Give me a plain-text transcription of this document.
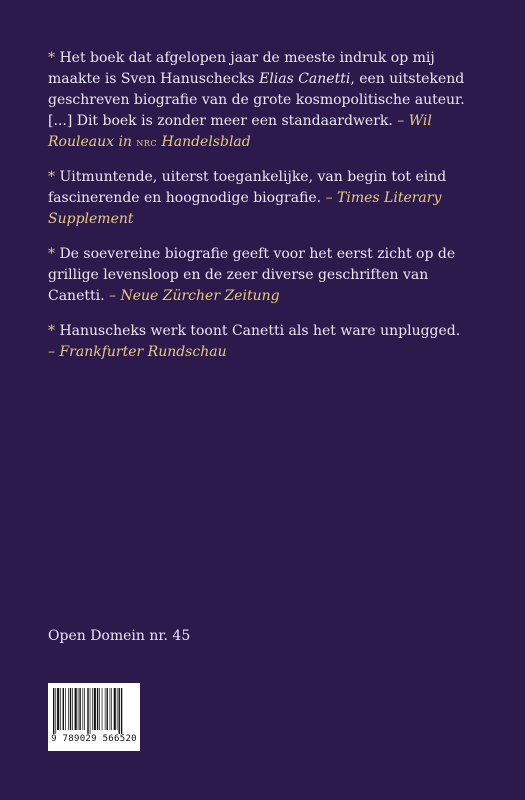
* Het boek dat afgelopen jaar de meeste indruk op mij maakte is Sven Hanuschecks Elias Canetti, een uitstekend geschreven biografie van de grote kosmopolitische auteur. [...] Dit boek is zonder meer een standaardwerk. – Wil Rouleaux in nrc Handelsblad

* Uitmuntende, uiterst toegankelijke, van begin tot eind fascinerende en hoognodige biografie. – Times Literary Supplement

* De soevereine biografie geeft voor het eerst zicht op de grillige levensloop en de zeer diverse geschriften van Canetti. – Neue Zürcher Zeitung

* Hanuscheks werk toont Canetti als het ware unplugged.
– Frankfurter Rundschau

Open Domein nr. 45
9 789029 566520
